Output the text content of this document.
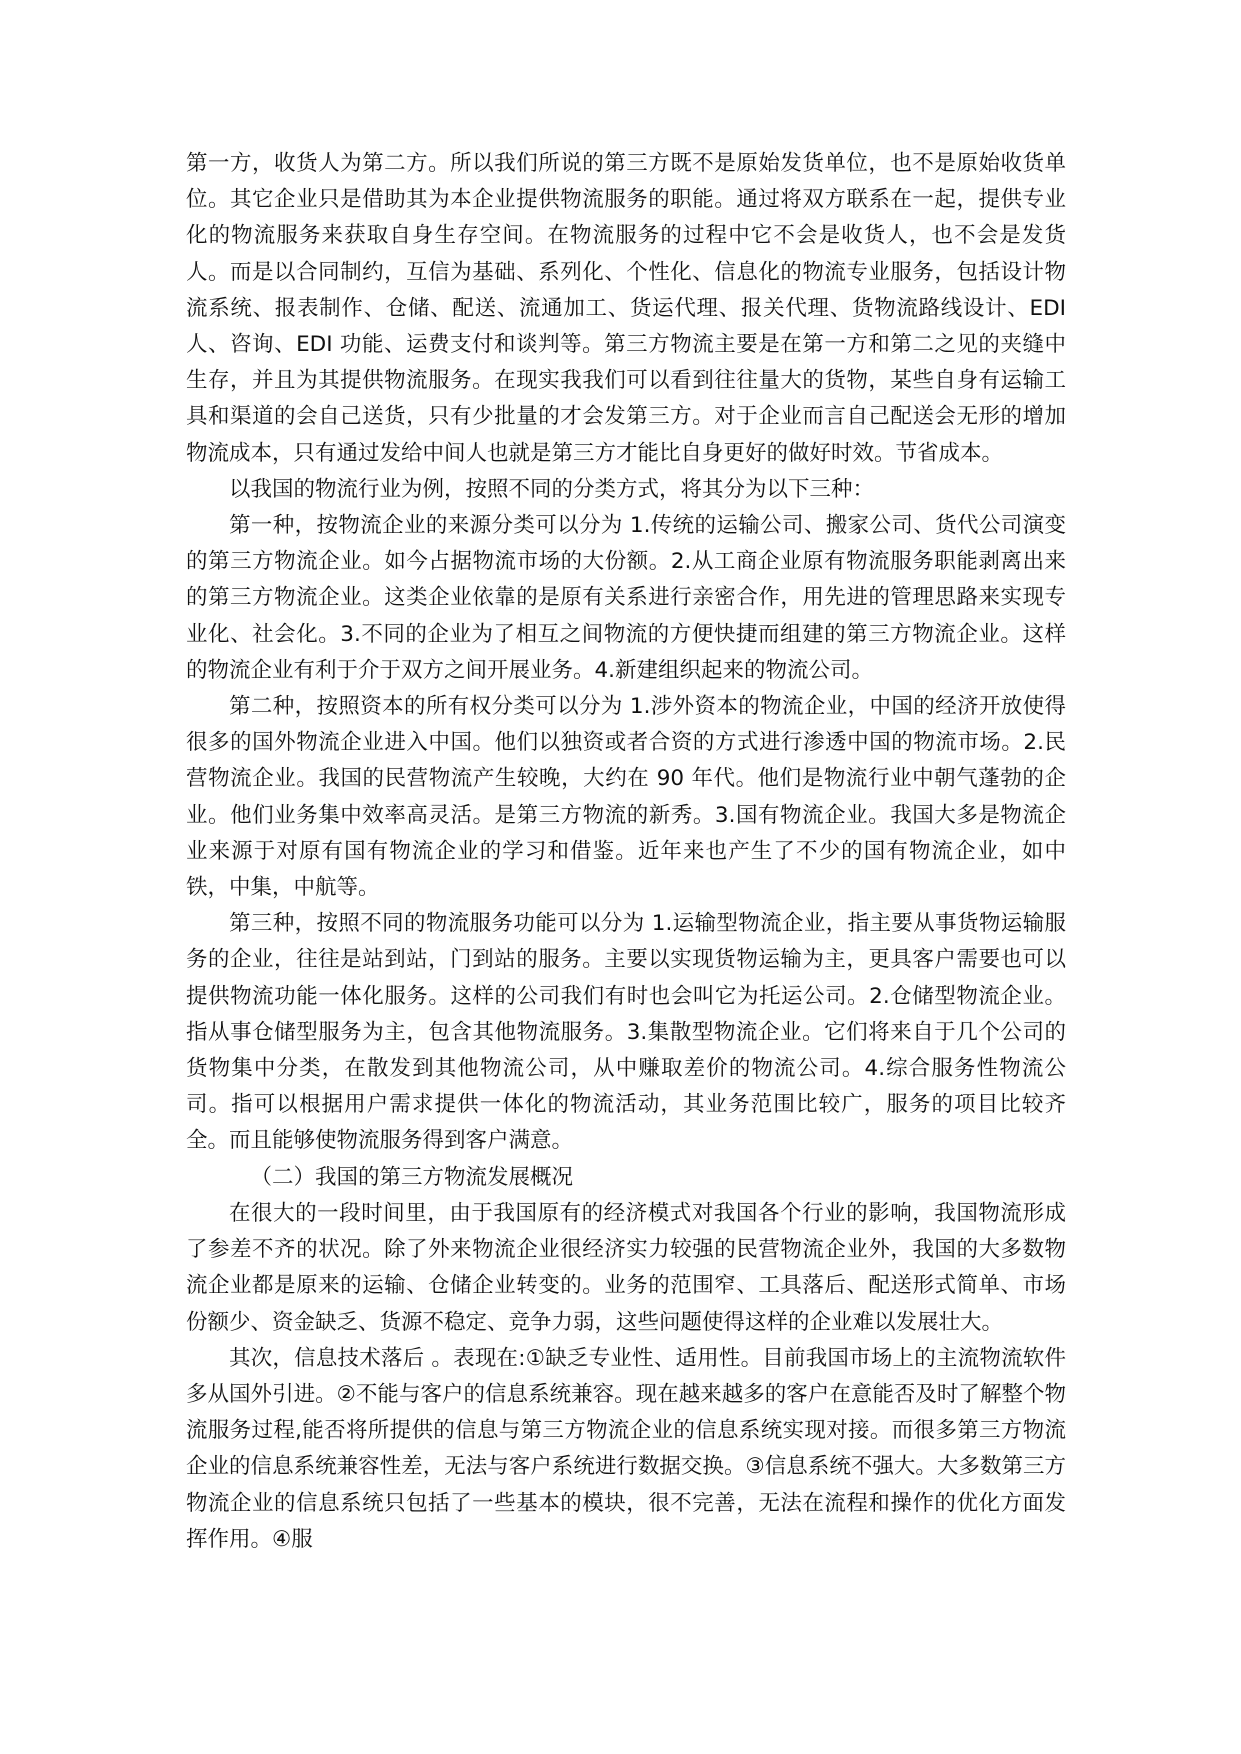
第一方，收货人为第二方。所以我们所说的第三方既不是原始发货单位，也不是原始收货单位。其它企业只是借助其为本企业提供物流服务的职能。通过将双方联系在一起，提供专业化的物流服务来获取自身生存空间。在物流服务的过程中它不会是收货人，也不会是发货人。而是以合同制约，互信为基础、系列化、个性化、信息化的物流专业服务，包括设计物流系统、报表制作、仓储、配送、流通加工、货运代理、报关代理、货物流路线设计、EDI 人、咨询、EDI 功能、运费支付和谈判等。第三方物流主要是在第一方和第二之见的夹缝中生存，并且为其提供物流服务。在现实我我们可以看到往往量大的货物，某些自身有运输工具和渠道的会自己送货，只有少批量的才会发第三方。对于企业而言自己配送会无形的增加物流成本，只有通过发给中间人也就是第三方才能比自身更好的做好时效。节省成本。

以我国的物流行业为例，按照不同的分类方式，将其分为以下三种：

第一种，按物流企业的来源分类可以分为 1.传统的运输公司、搬家公司、货代公司演变的第三方物流企业。如今占据物流市场的大份额。2.从工商企业原有物流服务职能剥离出来的第三方物流企业。这类企业依靠的是原有关系进行亲密合作，用先进的管理思路来实现专业化、社会化。3.不同的企业为了相互之间物流的方便快捷而组建的第三方物流企业。这样的物流企业有利于介于双方之间开展业务。4.新建组织起来的物流公司。

第二种，按照资本的所有权分类可以分为 1.涉外资本的物流企业，中国的经济开放使得很多的国外物流企业进入中国。他们以独资或者合资的方式进行渗透中国的物流市场。2.民营物流企业。我国的民营物流产生较晚，大约在 90 年代。他们是物流行业中朝气蓬勃的企业。他们业务集中效率高灵活。是第三方物流的新秀。3.国有物流企业。我国大多是物流企业来源于对原有国有物流企业的学习和借鉴。近年来也产生了不少的国有物流企业，如中铁，中集，中航等。

第三种，按照不同的物流服务功能可以分为 1.运输型物流企业，指主要从事货物运输服务的企业，往往是站到站，门到站的服务。主要以实现货物运输为主，更具客户需要也可以提供物流功能一体化服务。这样的公司我们有时也会叫它为托运公司。2.仓储型物流企业。指从事仓储型服务为主，包含其他物流服务。3.集散型物流企业。它们将来自于几个公司的货物集中分类，在散发到其他物流公司，从中赚取差价的物流公司。4.综合服务性物流公司。指可以根据用户需求提供一体化的物流活动，其业务范围比较广，服务的项目比较齐全。而且能够使物流服务得到客户满意。

（二）我国的第三方物流发展概况

在很大的一段时间里，由于我国原有的经济模式对我国各个行业的影响，我国物流形成了参差不齐的状况。除了外来物流企业很经济实力较强的民营物流企业外，我国的大多数物流企业都是原来的运输、仓储企业转变的。业务的范围窄、工具落后、配送形式简单、市场份额少、资金缺乏、货源不稳定、竞争力弱，这些问题使得这样的企业难以发展壮大。

其次，信息技术落后 。表现在:①缺乏专业性、适用性。目前我国市场上的主流物流软件多从国外引进。②不能与客户的信息系统兼容。现在越来越多的客户在意能否及时了解整个物流服务过程,能否将所提供的信息与第三方物流企业的信息系统实现对接。而很多第三方物流企业的信息系统兼容性差，无法与客户系统进行数据交换。③信息系统不强大。大多数第三方物流企业的信息系统只包括了一些基本的模块，很不完善，无法在流程和操作的优化方面发挥作用。④服
